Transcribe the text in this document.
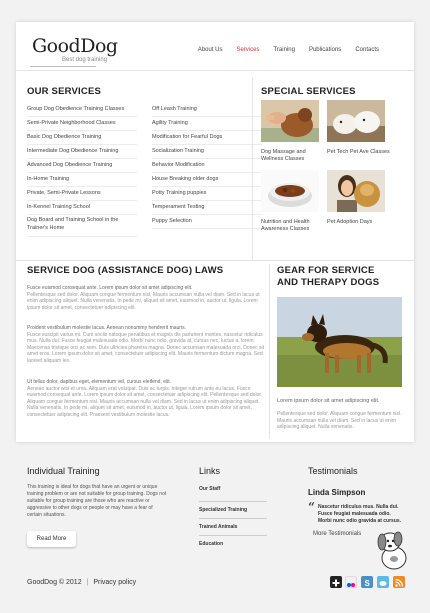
GoodDog
Best dog training
About Us	Services	Training	Publications	Contacts
OUR SERVICES
Group Dog Obedience Training Classes
Semi-Private Neighborhood Classes
Basic Dog Obedience Training
Intermediate Dog Obedience Training
Advanced Dog Obedience Training
In-Home Training
Private, Semi-Private Lessons
In-Kennel Training School
Dog Board and Training School in the Trainer's Home
Off Leash Training
Agility Training
Modification for Fearful Dogs
Socialization Training
Behavior Modification
House Breaking older dogs
Potty Training puppies
Temperament Testing
Puppy Selection
SPECIAL SERVICES
Dog Massage and Wellness Classes
Pet Tech Pet Ave Classes
Nutrition and Health Awareness Classes
Pet Adoption Days
SERVICE DOG (ASSISTANCE DOG) LAWS
Fusce euismod consequat ante. Lorem ipsum dolor sit amet adipiscing elit.
Pellentesque sed dolor. Aliquam congue fermentum nisl. Mauris accumsan nulla vel diam. Sed in lacus ut enim adipiscing aliquet. Nulla venenatis. In pede mi, aliquet sit amet, euismod in, auctor ut, ligula. Lorem ipsum dolor sit amet, consectetuer adipiscing elit.
Proident vestibulum molestie lacus. Aenean nonummy hendrerit mauris.
Fusce suscipit varius mi. Cum sociis natoque penatibus et magnis dis parturient montes, nascetur ridiculus mus. Nulla dui. Fusce feugiat malesuada odio. Morbi nunc odio, gravida at, cursus nec, luctus a, lorem. Maecenas tristique orci ac sem. Duis ultricies pharetra magna. Donec accumsan malesuada orci. Donec sit amet eros. Lorem ipsum dolor sit amet, consectetuer adipiscing elit. Mauris fermentum dictum magna. Sed laoreet aliquam leo.
Ut tellus dolor, dapibus eget, elementum vel, cursus eleifend, elit.
Aenean auctor wisi et urna. Aliquam erat volutpat. Duis ac turpis. Integer rutrum ante eu lacus. Fusce euismod consequat ante. Lorem ipsum dolor sit amet, consectetuer adipiscing elit. Pellentesque sed dolor. Aliquam congue fermentum nisl. Mauris accumsan nulla vel diam. Sed in lacus ut enim adipiscing aliquet. Nulla venenatis. In pede mi, aliquet sit amet, euismod in, auctor ut, ligula. Lorem ipsum dolor sit amet, consectetuer adipiscing elit. Praesent vestibulum molestie lacus.
GEAR FOR SERVICE
AND THERAPY DOGS
Lorem ipsum dolor sit amet adipiscing elit.
Pellentesque sed dolor. Aliquam congue fermentum nisl. Mauris accumsan nulla vel diam. Sed in lacus ut enim adipiscing aliquet. Nulla venenatis.
Individual Training
This training is ideal for dogs that have an urgent or unique training problem or are not suitable for group training. Dogs not suitable for group training are those who are reactive or aggressive to other dogs or people or may have a fear of certain situations.
Read More
Links
Our Staff
Specialized Training
Trained Animals
Education
Testimonials
Linda Simpson
“ Nascetur ridiculus mus. Nulla dui. Fusce feugiat malesuada odio. Morbi nunc odio gravida at cursus.
More Testimonials
GoodDog © 2012 | Privacy policy	S
